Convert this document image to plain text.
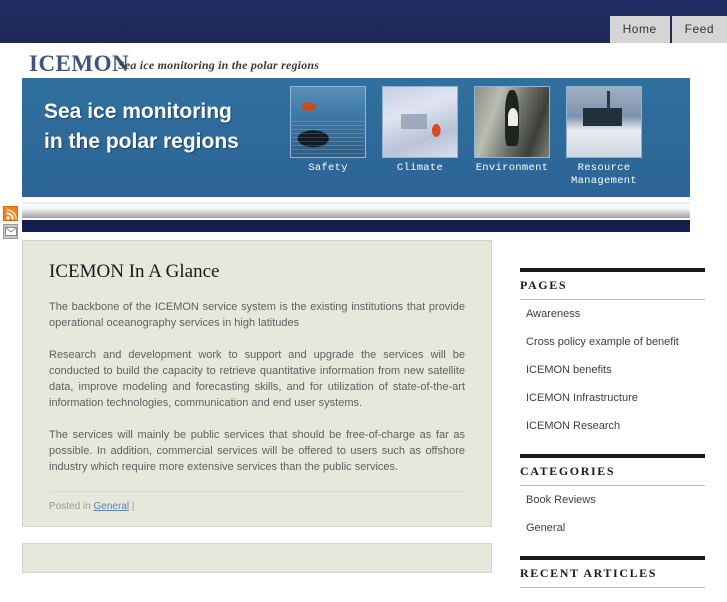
Home	Feed
ICEMON
Sea ice monitoring in the polar regions
Sea ice monitoring
in the polar regions
Safety	Climate	Environment	Resource Management
ICEMON In A Glance

The backbone of the ICEMON service system is the existing institutions that provide operational oceanography services in high latitudes

Research and development work to support and upgrade the services will be conducted to build the capacity to retrieve quantitative information from new satellite data, improve modeling and forecasting skills, and for utilization of state-of-the-art information technologies, communication and end user systems.

The services will mainly be public services that should be free-of-charge as far as possible. In addition, commercial services will be offered to users such as offshore industry which require more extensive services than the public services.

Posted in General |
PAGES
Awareness
Cross policy example of benefit
ICEMON benefits
ICEMON Infrastructure
ICEMON Research
CATEGORIES
Book Reviews
General
RECENT ARTICLES
